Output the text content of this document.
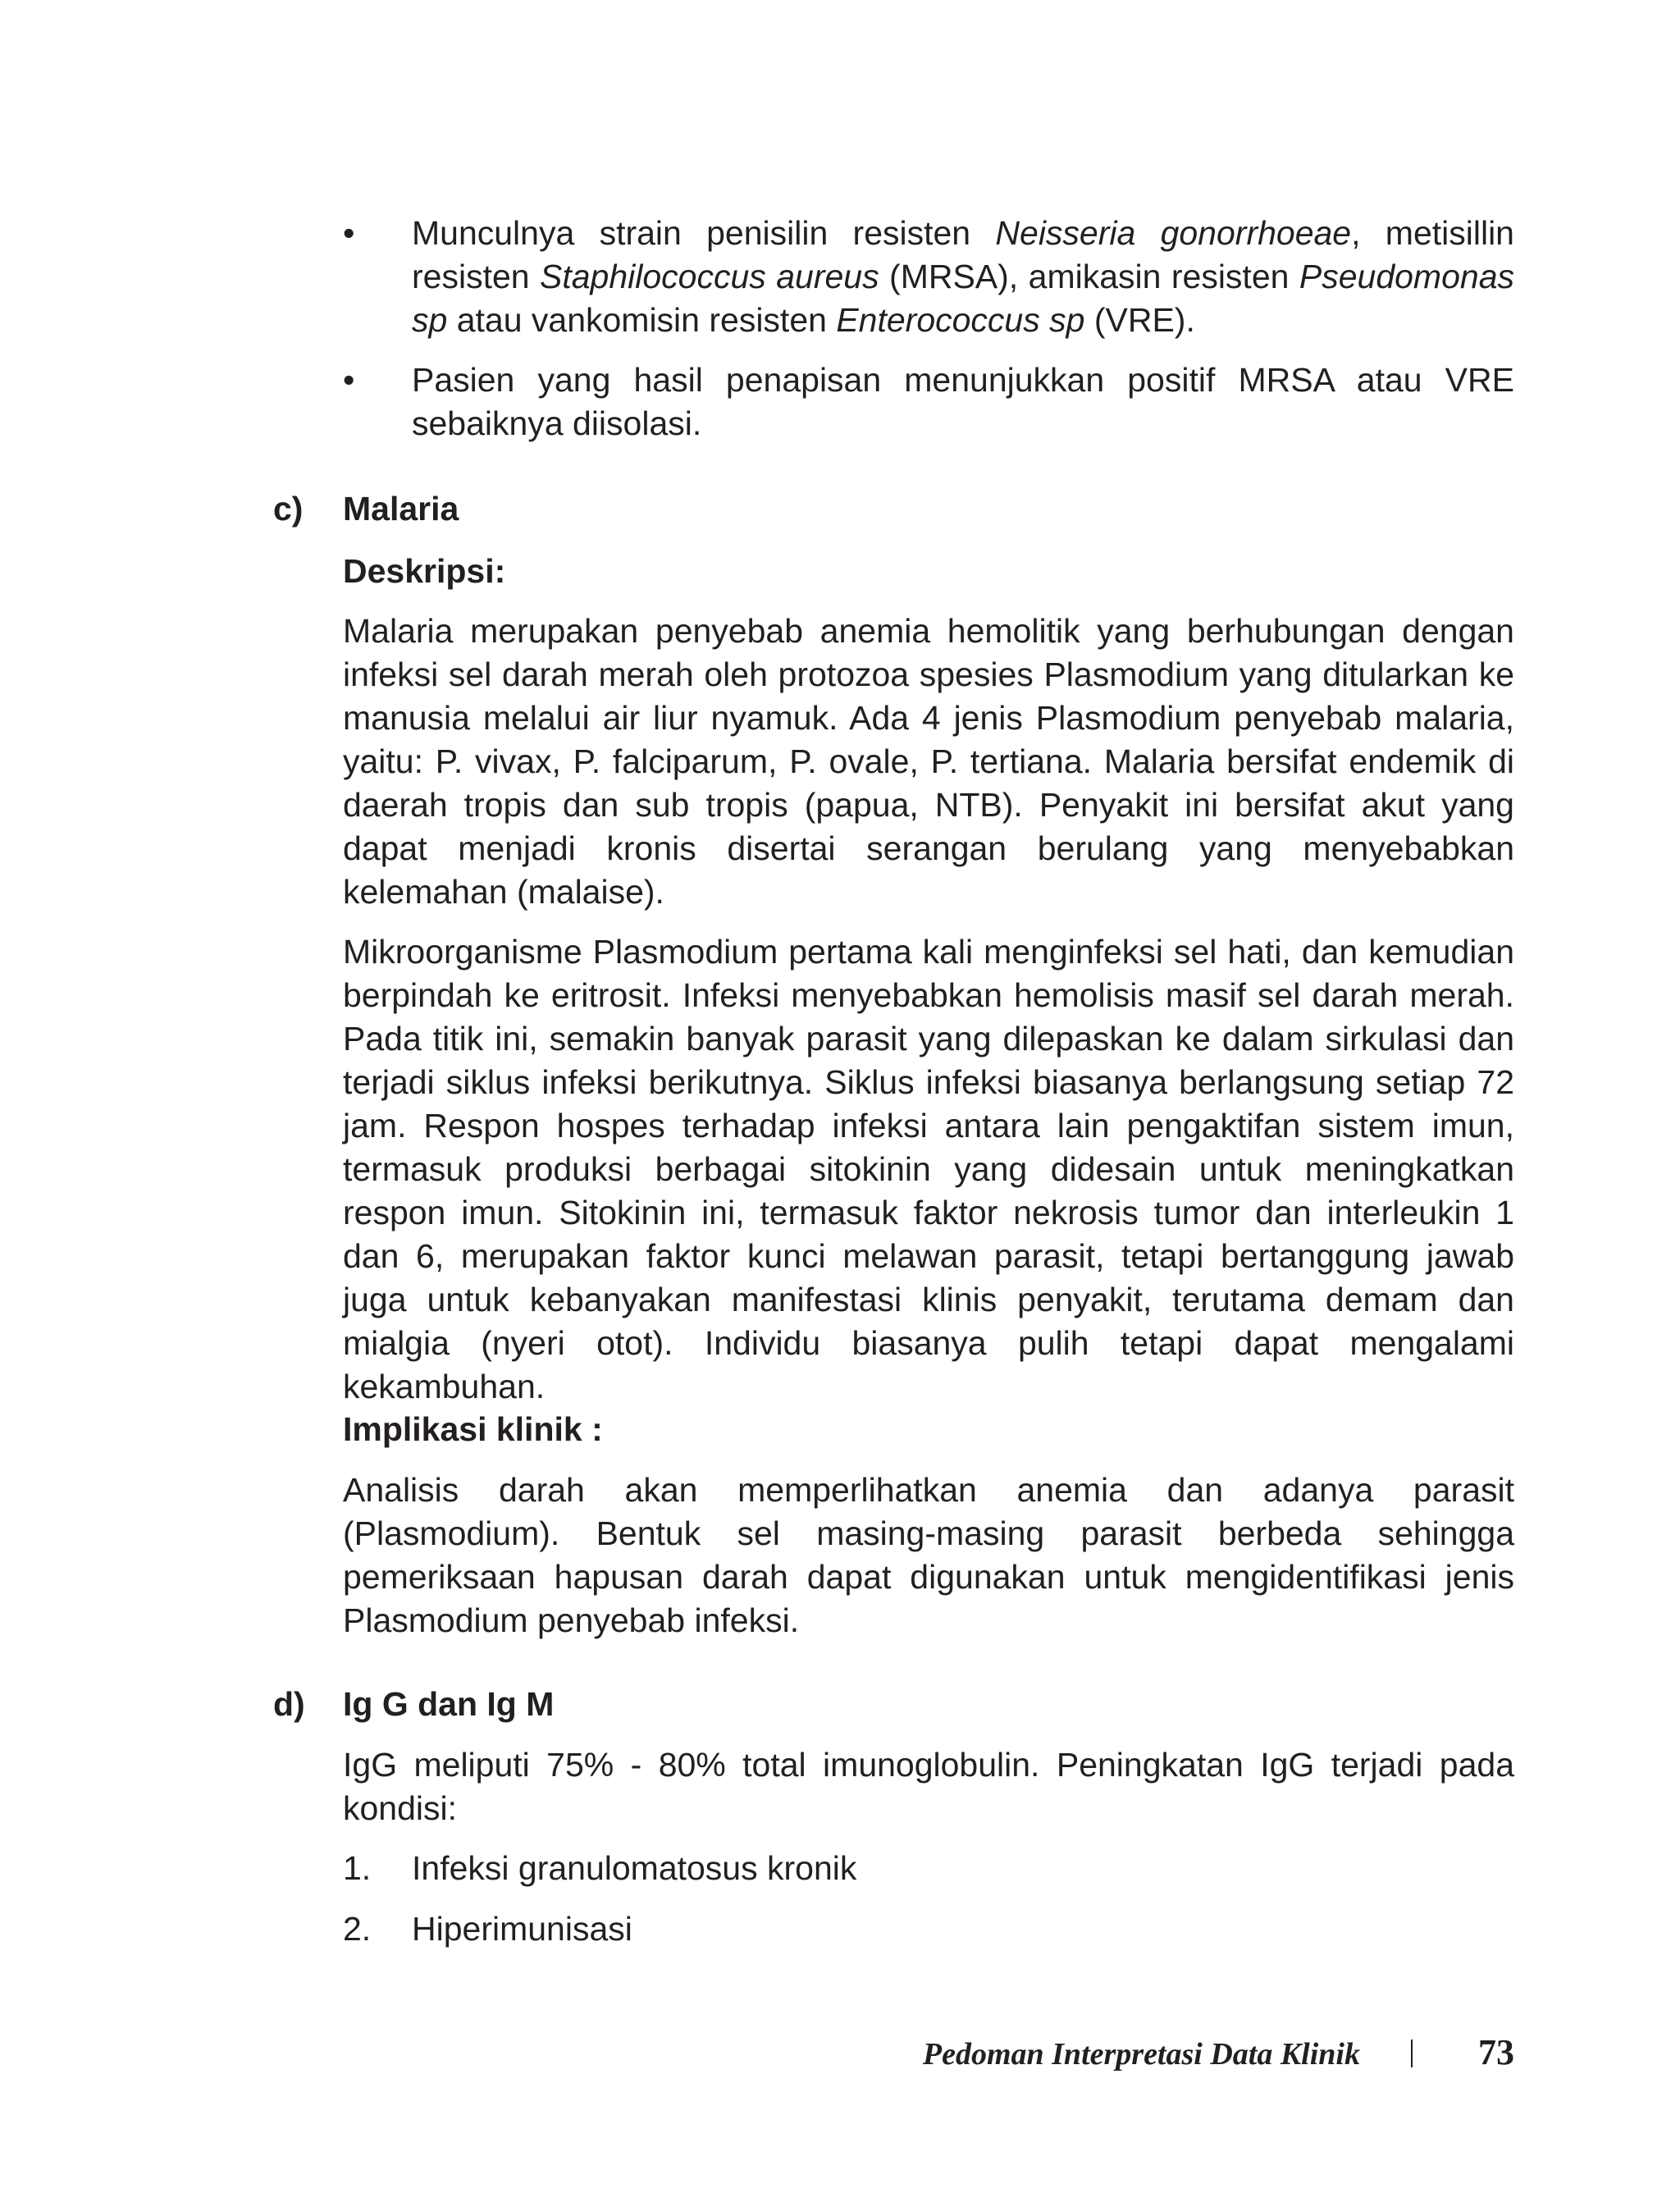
•	Munculnya strain penisilin resisten Neisseria gonorrhoeae, metisillin resisten Staphilococcus aureus (MRSA), amikasin resisten Pseudomonas sp atau vankomisin resisten Enterococcus sp (VRE).

•	Pasien yang hasil penapisan menunjukkan positif MRSA atau VRE sebaiknya diisolasi.

c) Malaria
Deskripsi:

Malaria merupakan penyebab anemia hemolitik yang berhubungan dengan infeksi sel darah merah oleh protozoa spesies Plasmodium yang ditularkan ke manusia melalui air liur nyamuk. Ada 4 jenis Plasmodium penyebab malaria, yaitu: P. vivax, P. falciparum, P. ovale, P. tertiana. Malaria bersifat endemik di daerah tropis dan sub tropis (papua, NTB). Penyakit ini bersifat akut yang dapat menjadi kronis disertai serangan berulang yang menyebabkan kelemahan (malaise).

Mikroorganisme Plasmodium pertama kali menginfeksi sel hati, dan kemudian berpindah ke eritrosit. Infeksi menyebabkan hemolisis masif sel darah merah. Pada titik ini, semakin banyak parasit yang dilepaskan ke dalam sirkulasi dan terjadi siklus infeksi berikutnya. Siklus infeksi biasanya berlangsung setiap 72 jam. Respon hospes terhadap infeksi antara lain pengaktifan sistem imun, termasuk produksi berbagai sitokinin yang didesain untuk meningkatkan respon imun. Sitokinin ini, termasuk faktor nekrosis tumor dan interleukin 1 dan 6, merupakan faktor kunci melawan parasit, tetapi bertanggung jawab juga untuk kebanyakan manifestasi klinis penyakit, terutama demam dan mialgia (nyeri otot). Individu biasanya pulih tetapi dapat mengalami kekambuhan.

Implikasi klinik :

Analisis darah akan memperlihatkan anemia dan adanya parasit (Plasmodium). Bentuk sel masing-masing parasit berbeda sehingga pemeriksaan hapusan darah dapat digunakan untuk mengidentifikasi jenis Plasmodium penyebab infeksi.

d) Ig G dan Ig M

IgG meliputi 75% - 80% total imunoglobulin. Peningkatan IgG terjadi pada kondisi:

1. Infeksi granulomatosus kronik
2. Hiperimunisasi
Pedoman Interpretasi Data Klinik	73
